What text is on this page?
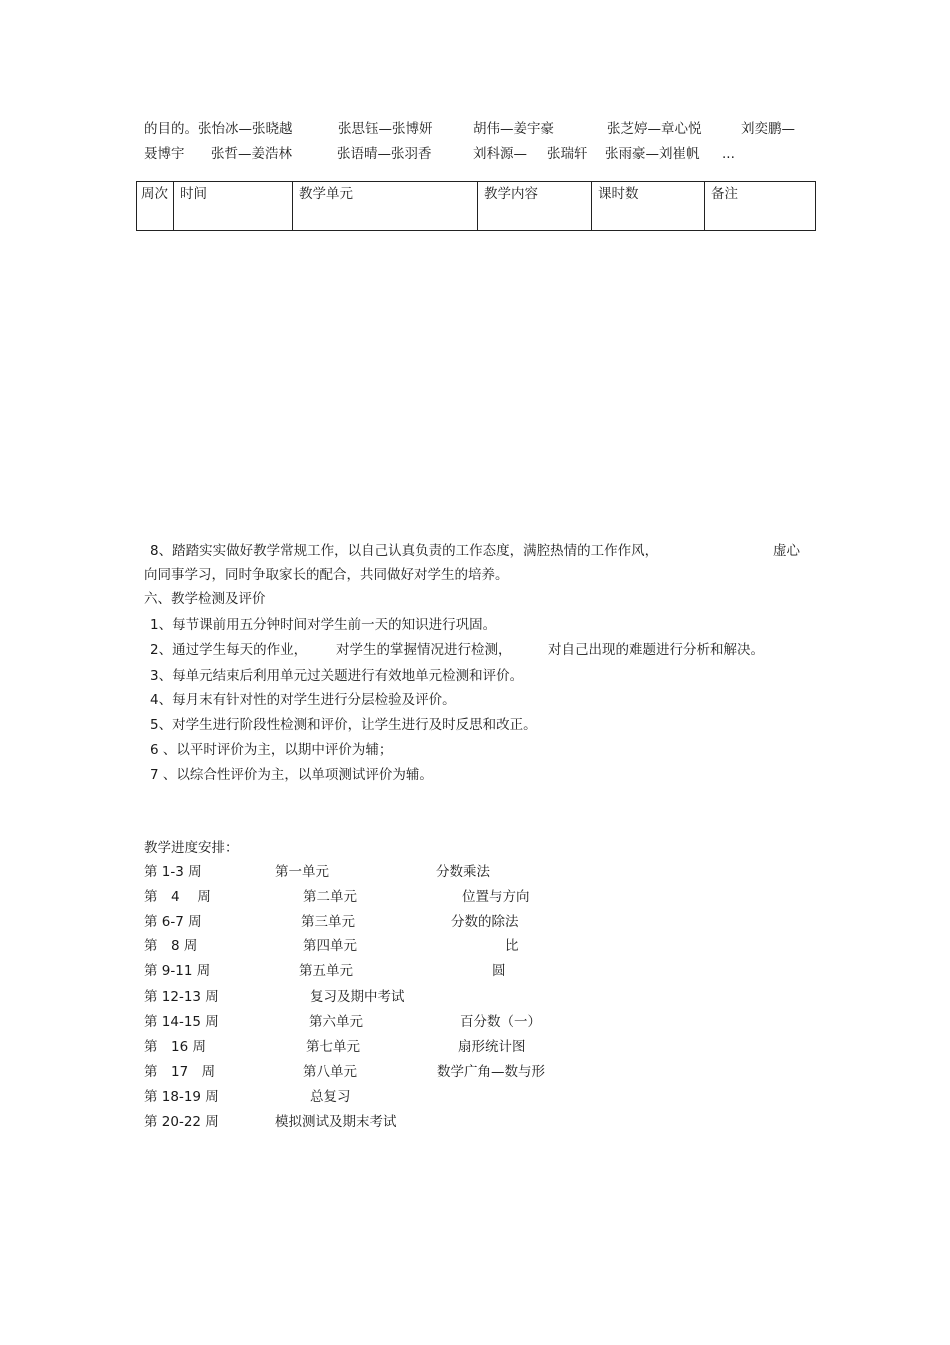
的目的。张怡冰—张晓越	张思钰—张博妍	胡伟—姜宇豪	张芝婷—章心悦	刘奕鹏—
聂博宇 张哲—姜浩林	张语晴—张羽香	刘科源— 张瑞轩 张雨豪—刘崔帆 ...
周次	时间	教学单元	教学内容	课时数	备注
8、踏踏实实做好教学常规工作，以自己认真负责的工作态度，满腔热情的工作作风，	虚心
向同事学习，同时争取家长的配合，共同做好对学生的培养。
六、教学检测及评价
1、每节课前用五分钟时间对学生前一天的知识进行巩固。
2、通过学生每天的作业， 对学生的掌握情况进行检测，	对自己出现的难题进行分析和解决。
3、每单元结束后利用单元过关题进行有效地单元检测和评价。
4、每月末有针对性的对学生进行分层检验及评价。
5、对学生进行阶段性检测和评价，让学生进行及时反思和改正。
6 、以平时评价为主，以期中评价为辅；
7 、以综合性评价为主，以单项测试评价为辅。
教学进度安排：
第 1-3 周	第一单元	分数乘法
第　4　 周	第二单元	位置与方向
第 6-7 周	第三单元	分数的除法
第　8 周	第四单元	比
第 9-11 周	第五单元	圆
第 12-13 周	复习及期中考试
第 14-15 周	第六单元	百分数（一）
第　16 周	第七单元	扇形统计图
第　17　周	第八单元	数学广角—数与形
第 18-19 周	总复习
第 20-22 周	模拟测试及期末考试
